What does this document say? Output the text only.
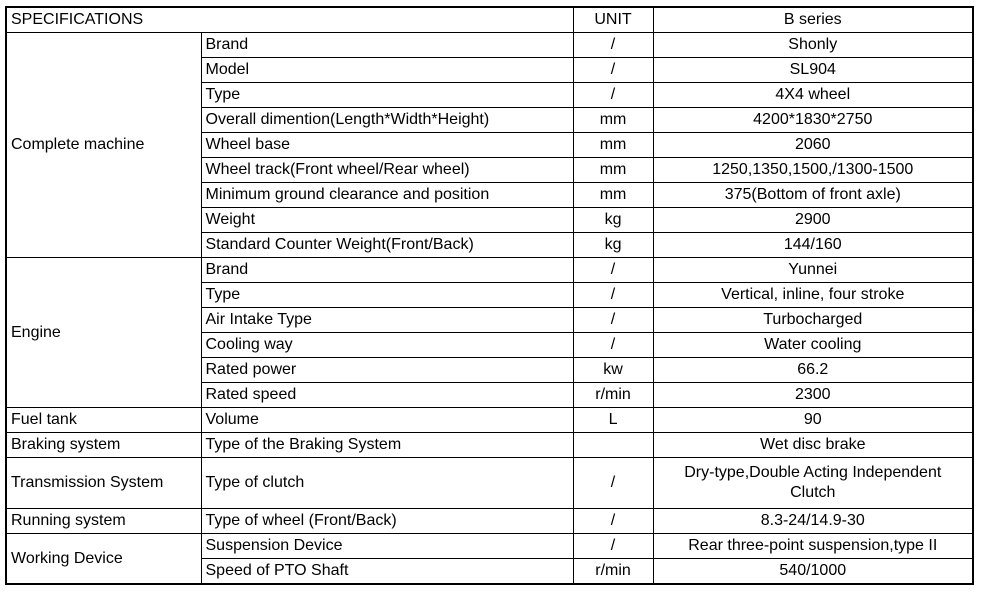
SPECIFICATIONS		UNIT	B series
Complete machine	Brand	/	Shonly
	Model	/	SL904
	Type	/	4X4 wheel
	Overall dimention(Length*Width*Height)	mm	4200*1830*2750
	Wheel base	mm	2060
	Wheel track(Front wheel/Rear wheel)	mm	1250,1350,1500,/1300-1500
	Minimum ground clearance and position	mm	375(Bottom of front axle)
	Weight	kg	2900
	Standard Counter Weight(Front/Back)	kg	144/160
Engine	Brand	/	Yunnei
	Type	/	Vertical, inline, four stroke
	Air Intake Type	/	Turbocharged
	Cooling way	/	Water cooling
	Rated power	kw	66.2
	Rated speed	r/min	2300
Fuel tank	Volume	L	90
Braking system	Type of the Braking System		Wet disc brake
Transmission System	Type of clutch	/	Dry-type,Double Acting Independent Clutch

Running system	Type of wheel (Front/Back)	/	8.3-24/14.9-30
Working Device	Suspension Device	/	Rear three-point suspension,type II
	Speed of PTO Shaft	r/min	540/1000
